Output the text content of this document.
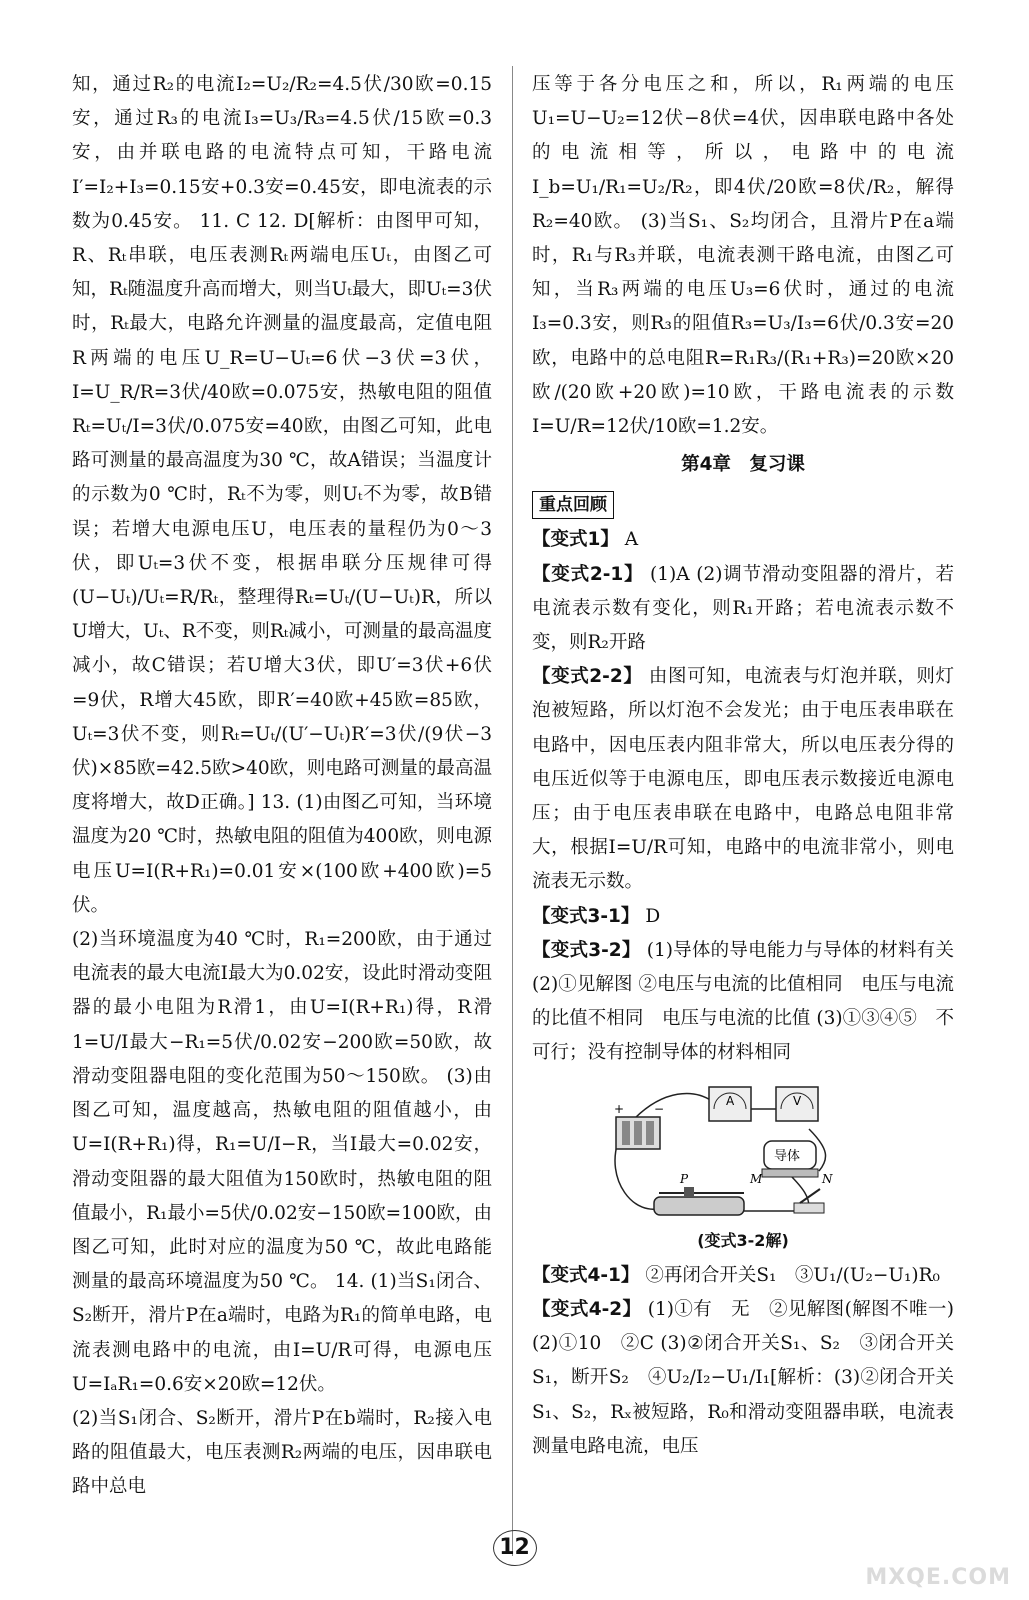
知，通过R₂的电流I₂=U₂/R₂=4.5伏/30欧=0.15安，通过R₃的电流I₃=U₃/R₃=4.5伏/15欧=0.3安，由并联电路的电流特点可知，干路电流I′=I₂+I₃=0.15安+0.3安=0.45安，即电流表的示数为0.45安。 11. C 12. D[解析：由图甲可知，R、Rₜ串联，电压表测Rₜ两端电压Uₜ，由图乙可知，Rₜ随温度升高而增大，则当Uₜ最大，即Uₜ=3伏时，Rₜ最大，电路允许测量的温度最高，定值电阻R两端的电压U_R=U−Uₜ=6伏−3伏=3伏，I=U_R/R=3伏/40欧=0.075安，热敏电阻的阻值Rₜ=Uₜ/I=3伏/0.075安=40欧，由图乙可知，此电路可测量的最高温度为30 ℃，故A错误；当温度计的示数为0 ℃时，Rₜ不为零，则Uₜ不为零，故B错误；若增大电源电压U，电压表的量程仍为0～3伏，即Uₜ=3伏不变，根据串联分压规律可得(U−Uₜ)/Uₜ=R/Rₜ，整理得Rₜ=Uₜ/(U−Uₜ)R，所以U增大，Uₜ、R不变，则Rₜ减小，可测量的最高温度减小，故C错误；若U增大3伏，即U′=3伏+6伏=9伏，R增大45欧，即R′=40欧+45欧=85欧，Uₜ=3伏不变，则Rₜ=Uₜ/(U′−Uₜ)R′=3伏/(9伏−3伏)×85欧=42.5欧>40欧，则电路可测量的最高温度将增大，故D正确。] 13. (1)由图乙可知，当环境温度为20 ℃时，热敏电阻的阻值为400欧，则电源电压U=I(R+R₁)=0.01安×(100欧+400欧)=5伏。

(2)当环境温度为40 ℃时，R₁=200欧，由于通过电流表的最大电流I最大为0.02安，设此时滑动变阻器的最小电阻为R滑1，由U=I(R+R₁)得，R滑1=U/I最大−R₁=5伏/0.02安−200欧=50欧，故滑动变阻器电阻的变化范围为50～150欧。 (3)由图乙可知，温度越高，热敏电阻的阻值越小，由U=I(R+R₁)得，R₁=U/I−R，当I最大=0.02安，滑动变阻器的最大阻值为150欧时，热敏电阻的阻值最小，R₁最小=5伏/0.02安−150欧=100欧，由图乙可知，此时对应的温度为50 ℃，故此电路能测量的最高环境温度为50 ℃。 14. (1)当S₁闭合、S₂断开，滑片P在a端时，电路为R₁的简单电路，电流表测电路中的电流，由I=U/R可得，电源电压U=IₐR₁=0.6安×20欧=12伏。

(2)当S₁闭合、S₂断开，滑片P在b端时，R₂接入电路的阻值最大，电压表测R₂两端的电压，因串联电路中总电

压等于各分电压之和，所以，R₁两端的电压U₁=U−U₂=12伏−8伏=4伏，因串联电路中各处的电流相等，所以，电路中的电流I_b=U₁/R₁=U₂/R₂，即4伏/20欧=8伏/R₂，解得R₂=40欧。 (3)当S₁、S₂均闭合，且滑片P在a端时，R₁与R₃并联，电流表测干路电流，由图乙可知，当R₃两端的电压U₃=6伏时，通过的电流I₃=0.3安，则R₃的阻值R₃=U₃/I₃=6伏/0.3安=20欧，电路中的总电阻R=R₁R₃/(R₁+R₃)=20欧×20欧/(20欧+20欧)=10欧，干路电流表的示数I=U/R=12伏/10欧=1.2安。

第4章　复习课
重点回顾

【变式1】 A

【变式2-1】 (1)A (2)调节滑动变阻器的滑片，若电流表示数有变化，则R₁开路；若电流表示数不变，则R₂开路

【变式2-2】 由图可知，电流表与灯泡并联，则灯泡被短路，所以灯泡不会发光；由于电压表串联在电路中，因电压表内阻非常大，所以电压表分得的电压近似等于电源电压，即电压表示数接近电源电压；由于电压表串联在电路中，电路总电阻非常大，根据I=U/R可知，电路中的电流非常小，则电流表无示数。

【变式3-1】 D

【变式3-2】 (1)导体的导电能力与导体的材料有关 (2)①见解图 ②电压与电流的比值相同　电压与电流的比值不相同　电压与电流的比值 (3)①③④⑤　不可行；没有控制导体的材料相同

+ −
A	V
导体
M	N
P
(变式3-2解)

【变式4-1】 ②再闭合开关S₁　③U₁/(U₂−U₁)R₀

【变式4-2】 (1)①有　无　②见解图(解图不唯一) (2)①10　②C (3)②闭合开关S₁、S₂　③闭合开关S₁，断开S₂　④U₂/I₂−U₁/I₁[解析：(3)②闭合开关S₁、S₂，Rₓ被短路，R₀和滑动变阻器串联，电流表测量电路电流，电压

12
MXQE.COM
